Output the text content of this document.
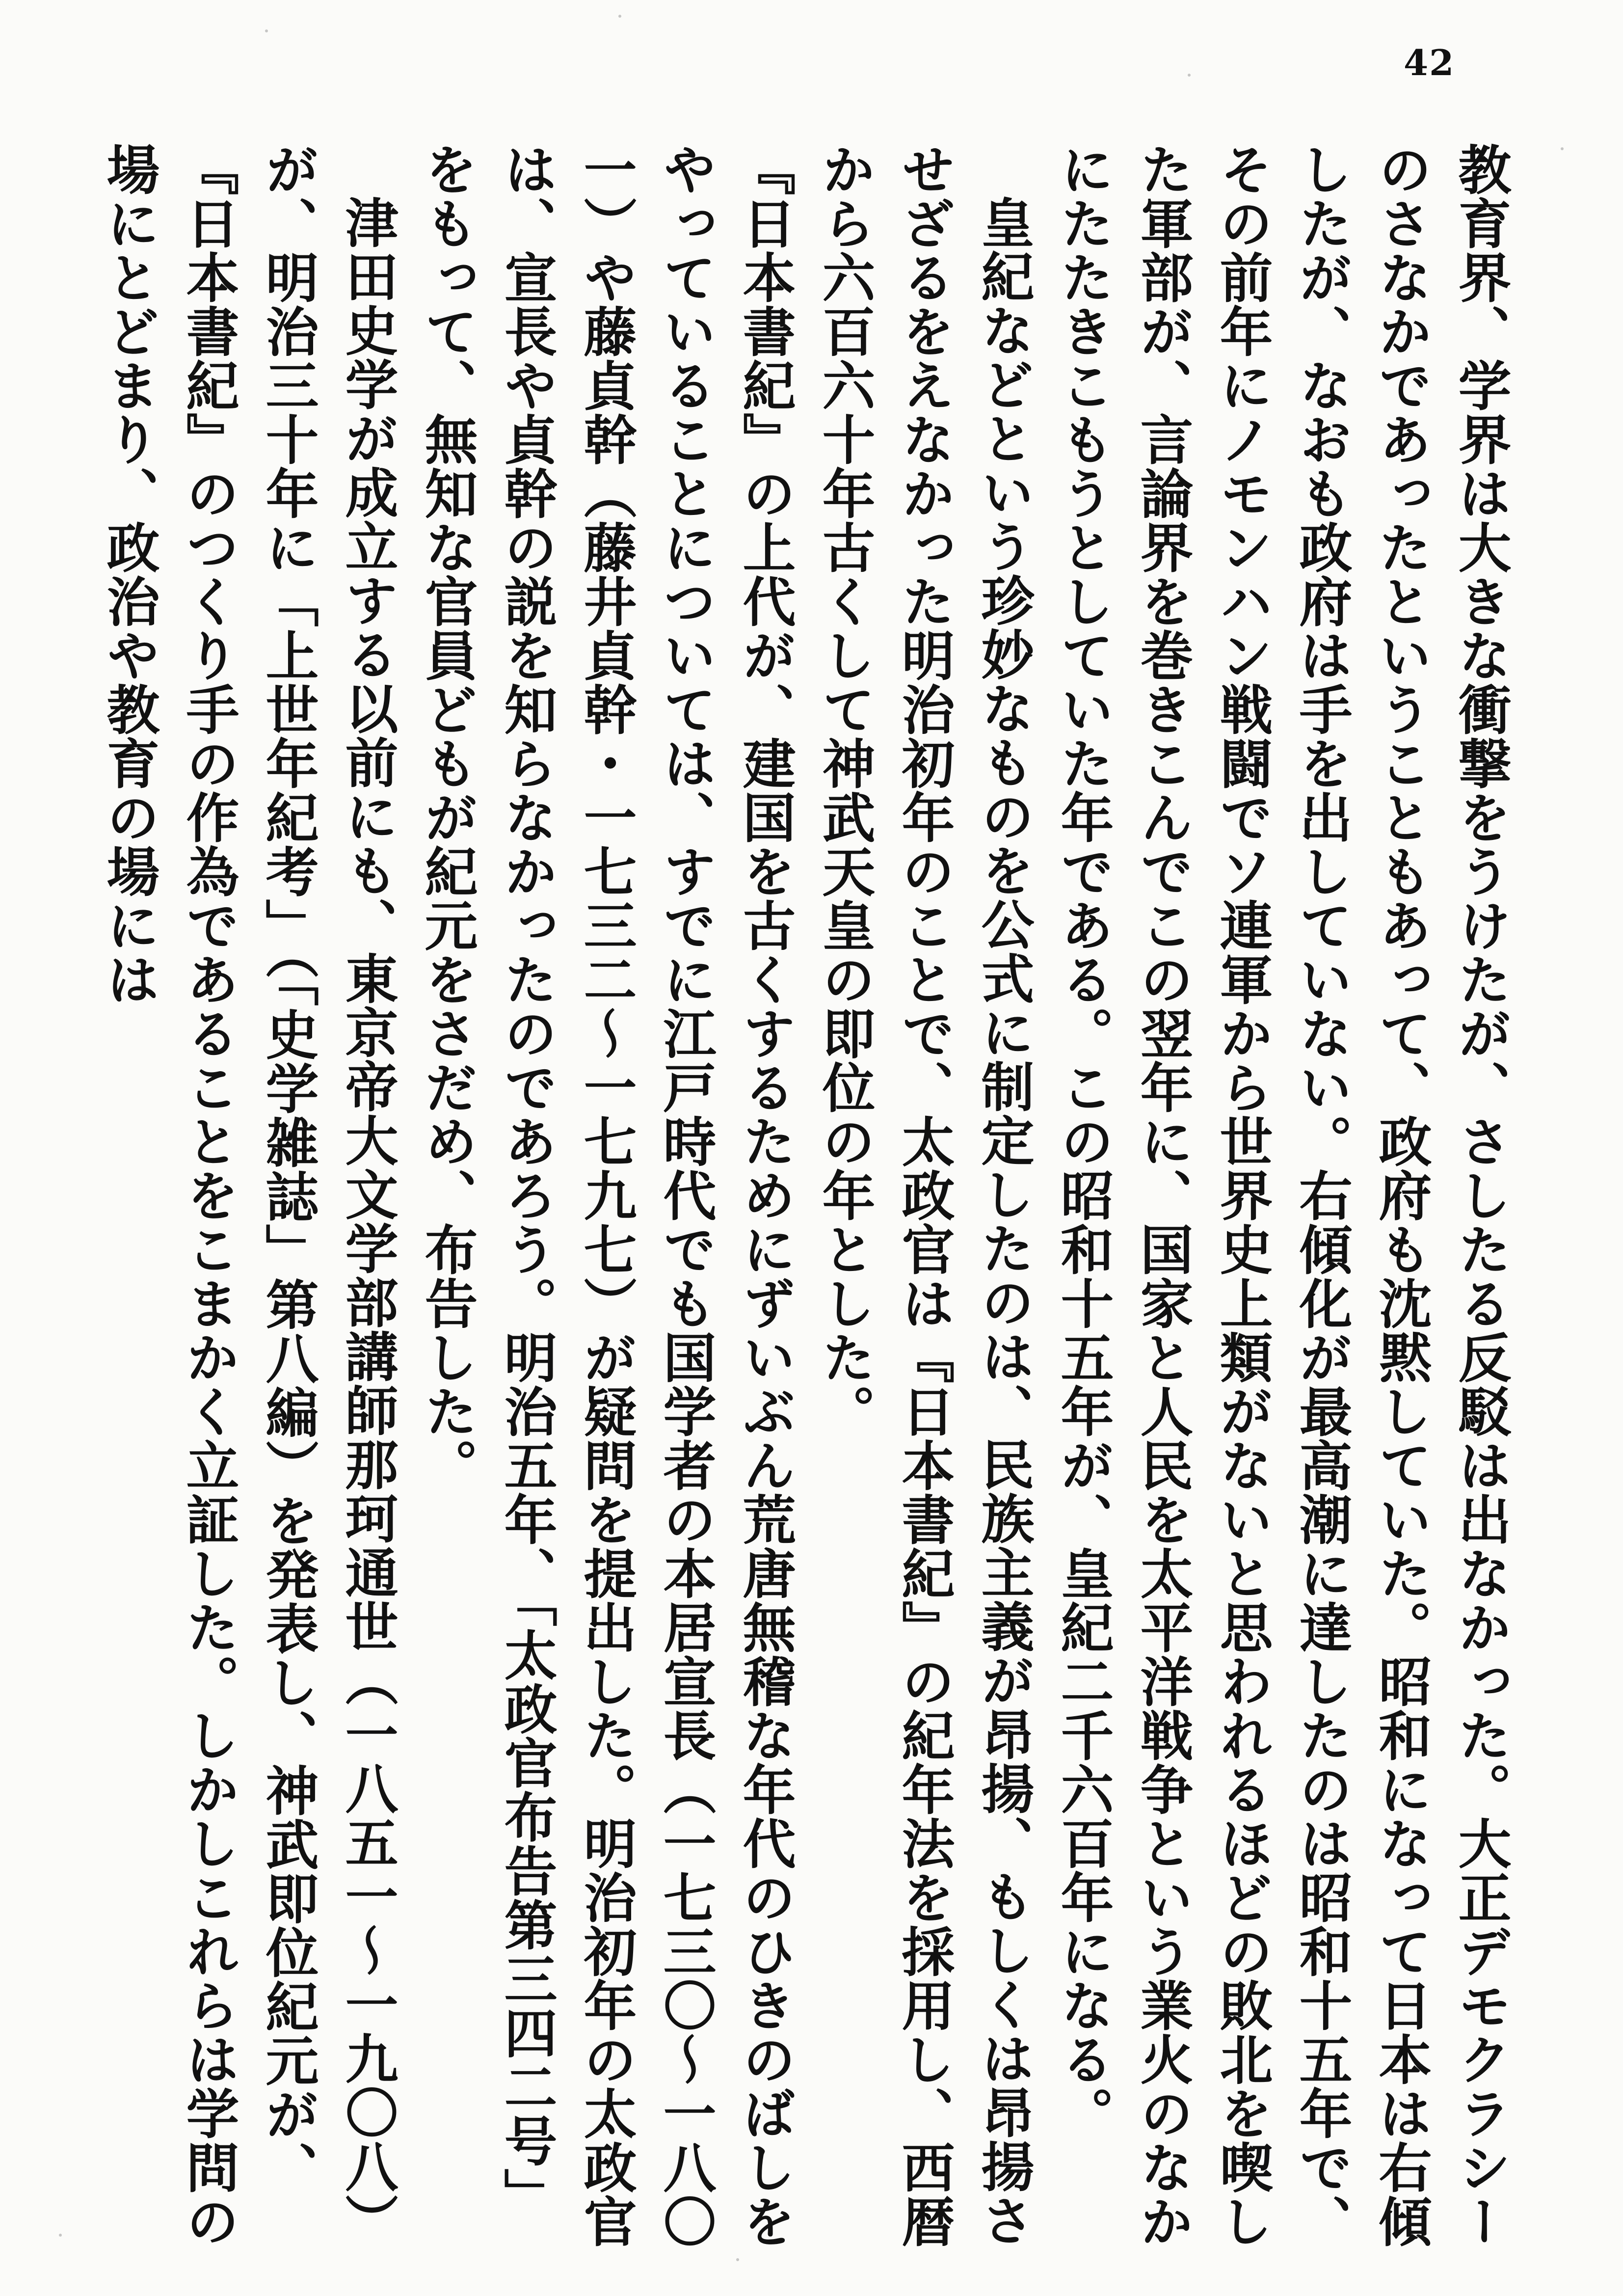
42

教育界、学界は大きな衝撃をうけたが、さしたる反駁は出なかった。大正デモクラシーのさなかであったということもあって、政府も沈黙していた。昭和になって日本は右傾したが、なおも政府は手を出していない。右傾化が最高潮に達したのは昭和十五年で、その前年にノモンハン戦闘でソ連軍から世界史上類がないと思われるほどの敗北を喫した軍部が、言論界を巻きこんでこの翌年に、国家と人民を太平洋戦争という業火のなかにたたきこもうとしていた年である。この昭和十五年が、皇紀二千六百年になる。

皇紀などという珍妙なものを公式に制定したのは、民族主義が昂揚、もしくは昂揚させざるをえなかった明治初年のことで、太政官は『日本書紀』の紀年法を採用し、西暦から六百六十年古くして神武天皇の即位の年とした。

『日本書紀』の上代が、建国を古くするためにずいぶん荒唐無稽な年代のひきのばしをやっていることについては、すでに江戸時代でも国学者の本居宣長（一七三〇〜一八〇一）や藤貞幹（藤井貞幹・一七三二〜一七九七）が疑問を提出した。明治初年の太政官は、宣長や貞幹の説を知らなかったのであろう。明治五年、「太政官布告第三四二号」をもって、無知な官員どもが紀元をさだめ、布告した。

津田史学が成立する以前にも、東京帝大文学部講師那珂通世（一八五一〜一九〇八）が、明治三十年に「上世年紀考」（「史学雑誌」第八編）を発表し、神武即位紀元が、『日本書紀』のつくり手の作為であることをこまかく立証した。しかしこれらは学問の場にとどまり、政治や教育の場には
